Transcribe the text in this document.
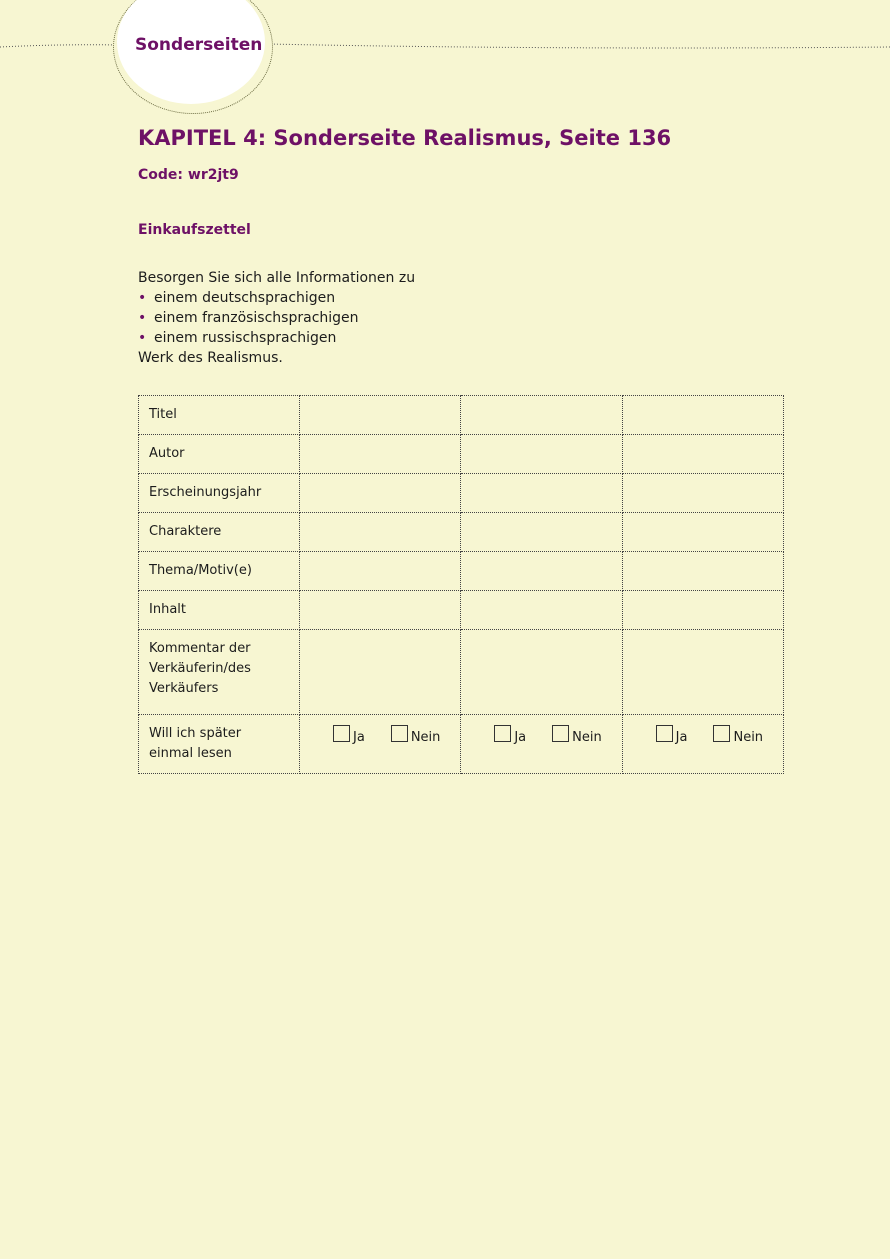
Sonderseiten
KAPITEL 4: Sonderseite Realismus, Seite 136
Code: wr2jt9
Einkaufszettel
Besorgen Sie sich alle Informationen zu
• einem deutschsprachigen
• einem französischsprachigen
• einem russischsprachigen
Werk des Realismus.
Titel			
Autor			
Erscheinungsjahr			
Charaktere			
Thema/Motiv(e)			
Inhalt			
Kommentar der Verkäuferin/des Verkäufers			
Will ich später einmal lesen	Ja Nein	Ja Nein	Ja Nein
